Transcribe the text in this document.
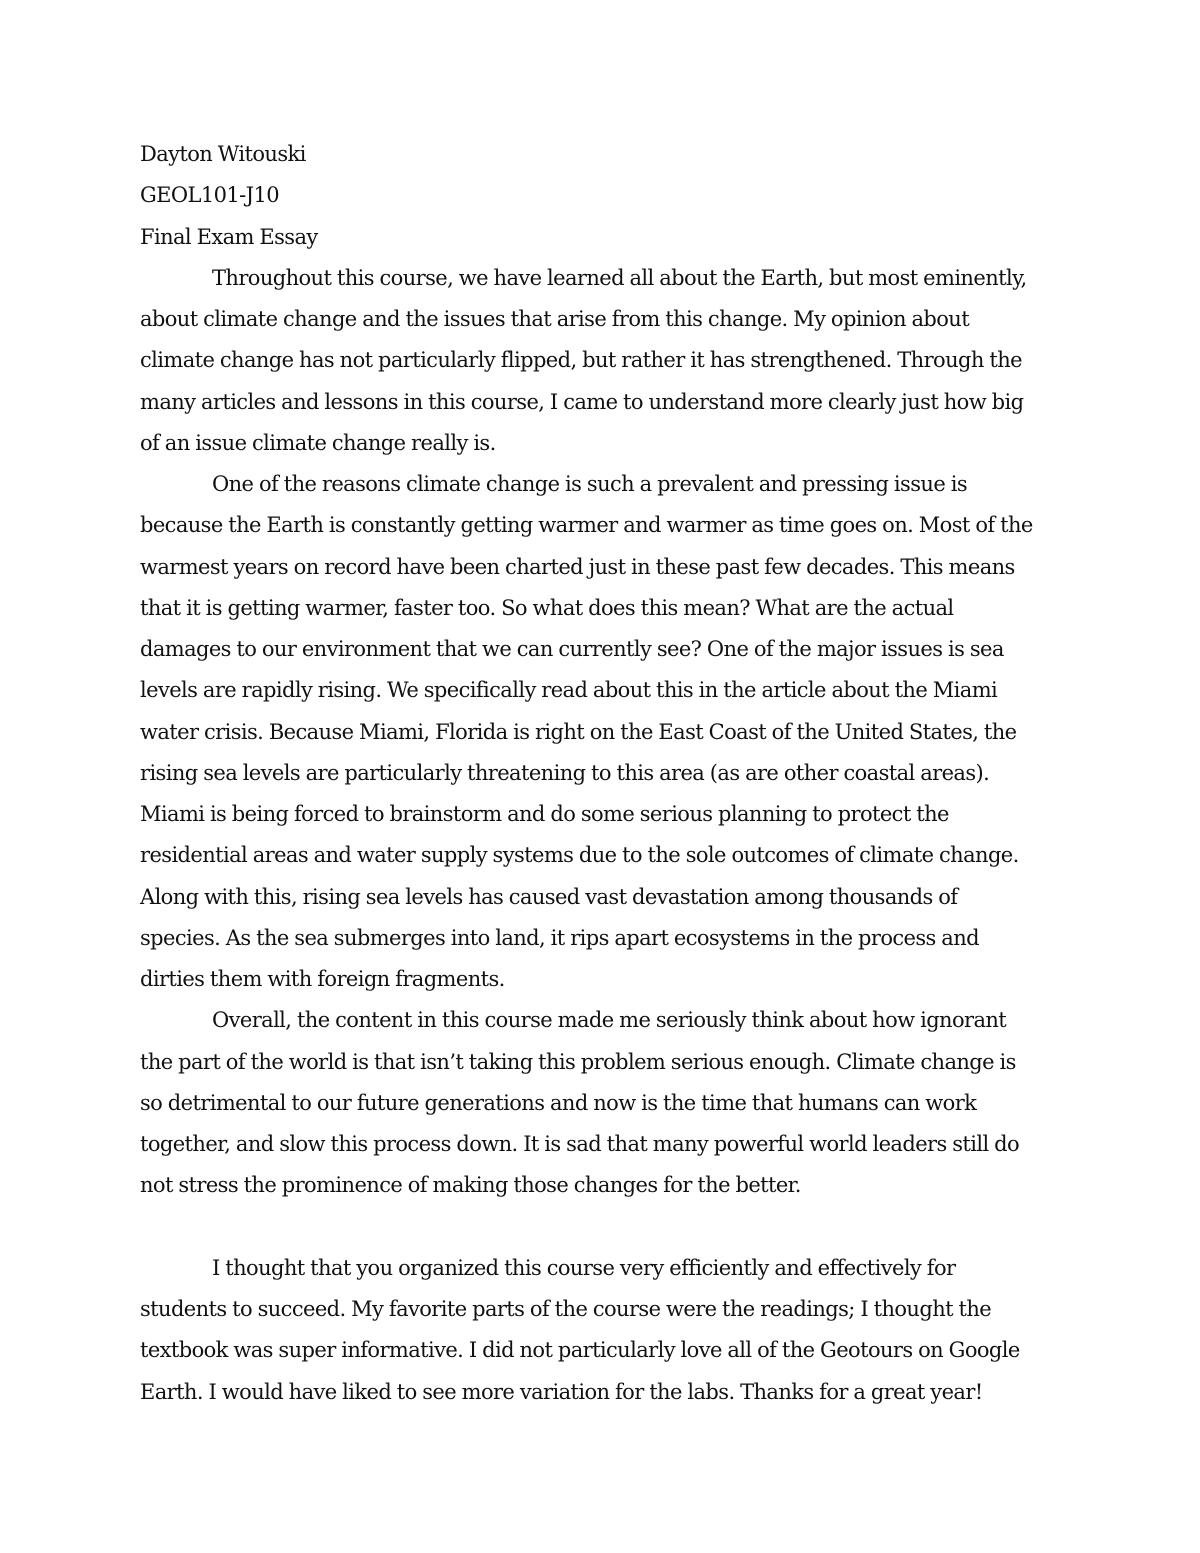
Dayton Witouski
GEOL101-J10
Final Exam Essay
Throughout this course, we have learned all about the Earth, but most eminently,
about climate change and the issues that arise from this change. My opinion about
climate change has not particularly flipped, but rather it has strengthened. Through the
many articles and lessons in this course, I came to understand more clearly just how big
of an issue climate change really is.
One of the reasons climate change is such a prevalent and pressing issue is
because the Earth is constantly getting warmer and warmer as time goes on. Most of the
warmest years on record have been charted just in these past few decades. This means
that it is getting warmer, faster too. So what does this mean? What are the actual
damages to our environment that we can currently see? One of the major issues is sea
levels are rapidly rising. We specifically read about this in the article about the Miami
water crisis. Because Miami, Florida is right on the East Coast of the United States, the
rising sea levels are particularly threatening to this area (as are other coastal areas).
Miami is being forced to brainstorm and do some serious planning to protect the
residential areas and water supply systems due to the sole outcomes of climate change.
Along with this, rising sea levels has caused vast devastation among thousands of
species. As the sea submerges into land, it rips apart ecosystems in the process and
dirties them with foreign fragments.
Overall, the content in this course made me seriously think about how ignorant
the part of the world is that isn’t taking this problem serious enough. Climate change is
so detrimental to our future generations and now is the time that humans can work
together, and slow this process down. It is sad that many powerful world leaders still do
not stress the prominence of making those changes for the better.
I thought that you organized this course very efficiently and effectively for
students to succeed. My favorite parts of the course were the readings; I thought the
textbook was super informative. I did not particularly love all of the Geotours on Google
Earth. I would have liked to see more variation for the labs. Thanks for a great year!
